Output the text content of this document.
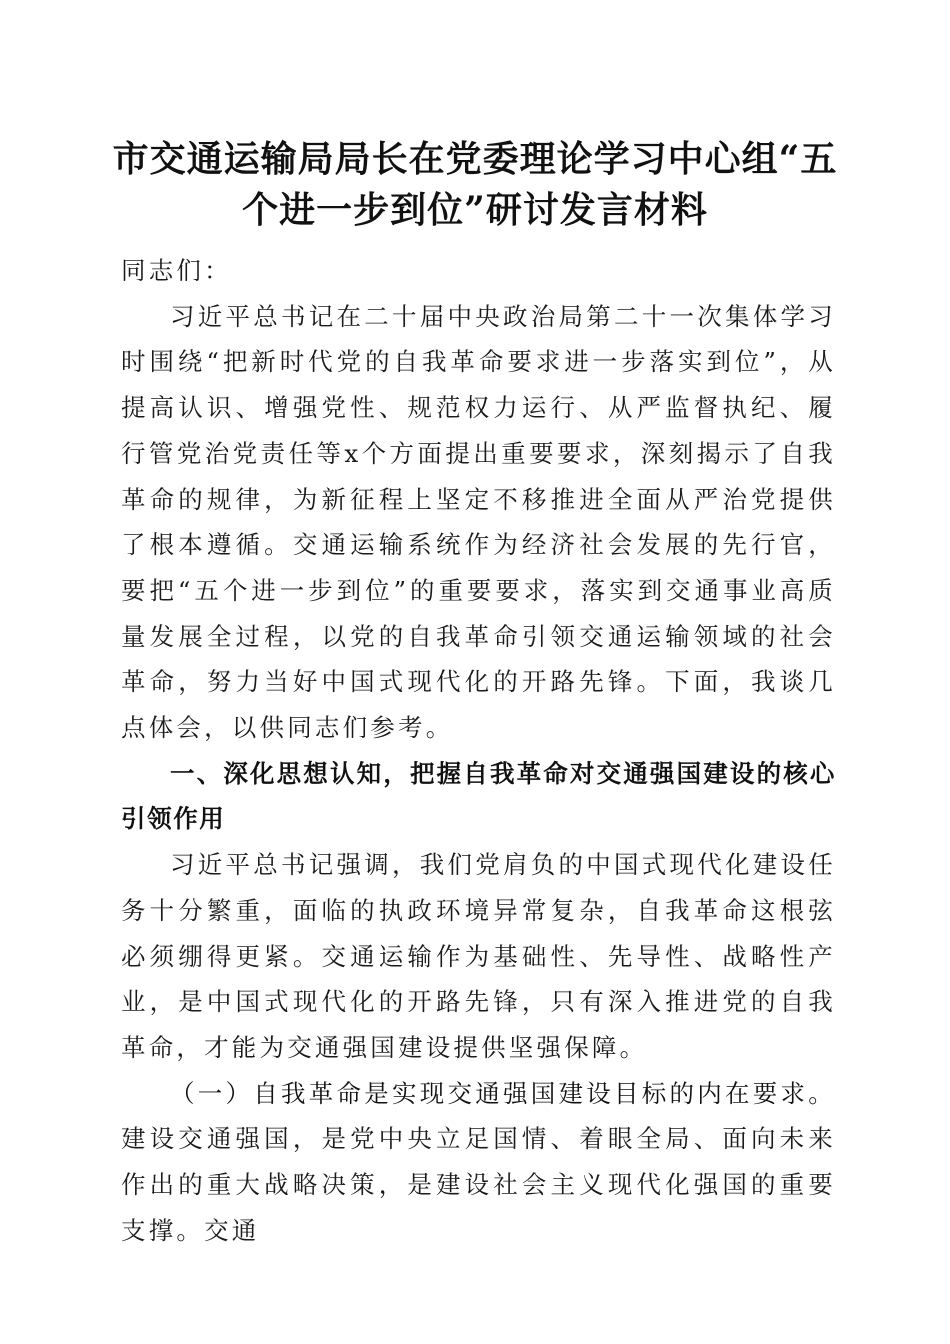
市交通运输局局长在党委理论学习中心组“五
个进一步到位”研讨发言材料

同志们：

习近平总书记在二十届中央政治局第二十一次集体学习时围绕“把新时代党的自我革命要求进一步落实到位”，从提高认识、增强党性、规范权力运行、从严监督执纪、履行管党治党责任等x个方面提出重要要求，深刻揭示了自我革命的规律，为新征程上坚定不移推进全面从严治党提供了根本遵循。交通运输系统作为经济社会发展的先行官，要把“五个进一步到位”的重要要求，落实到交通事业高质量发展全过程，以党的自我革命引领交通运输领域的社会革命，努力当好中国式现代化的开路先锋。下面，我谈几点体会，以供同志们参考。

一、深化思想认知，把握自我革命对交通强国建设的核心引领作用

习近平总书记强调，我们党肩负的中国式现代化建设任务十分繁重，面临的执政环境异常复杂，自我革命这根弦必须绷得更紧。交通运输作为基础性、先导性、战略性产业，是中国式现代化的开路先锋，只有深入推进党的自我革命，才能为交通强国建设提供坚强保障。

（一）自我革命是实现交通强国建设目标的内在要求。建设交通强国，是党中央立足国情、着眼全局、面向未来作出的重大战略决策，是建设社会主义现代化强国的重要支撑。交通
